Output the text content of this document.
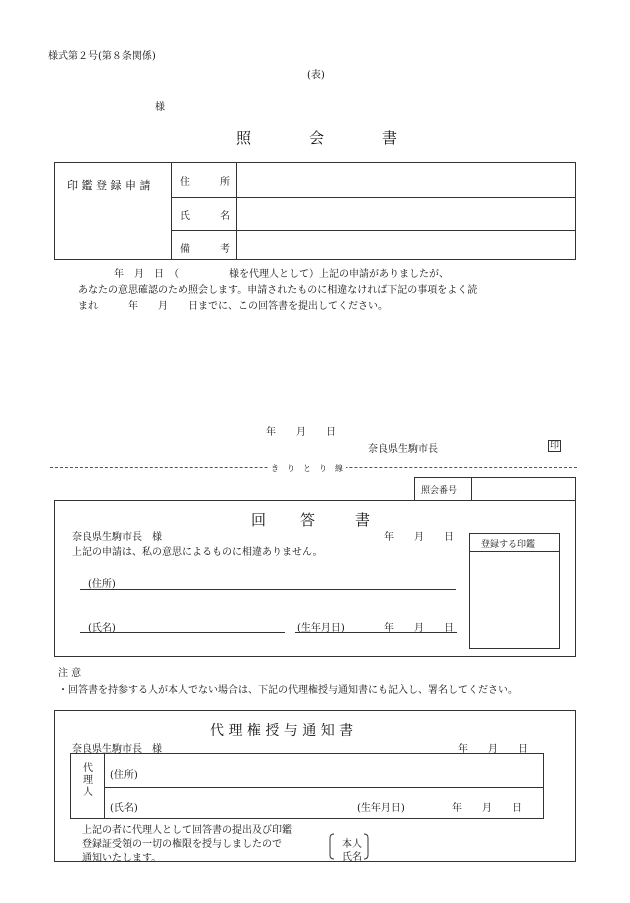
様式第２号(第８条関係)
(表)
様
照	会	書
印 鑑 登 録 申 請	住	所
氏	名
備	考
年　月　日　（　　　　　様を代理人として）上記の申請がありましたが、
あなたの意思確認のため照会します。申請されたものに相違なければ下記の事項をよく読
まれ　　　年　　月　　日までに、この回答書を提出してください。
年　　月　　日
奈良県生駒市長	印
き　り　と　り　線
照会番号
回 答	書
奈良県生駒市長　様	年　　月　　日
上記の申請は、私の意思によるものに相違ありません。
(住所)
(氏名)	(生年月日)	年　　月　　日
登録する印鑑
注 意
・回答書を持参する人が本人でない場合は、下記の代理権授与通知書にも記入し、署名してください。
代 理 権 授 与 通 知 書
奈良県生駒市長　様	年　　月　　日
代
理
人
(住所)
(氏名)	(生年月日)	年　　月　　日
上記の者に代理人として回答書の提出及び印鑑
登録証受領の一切の権限を授与しましたので
通知いたします。
本人
氏名
